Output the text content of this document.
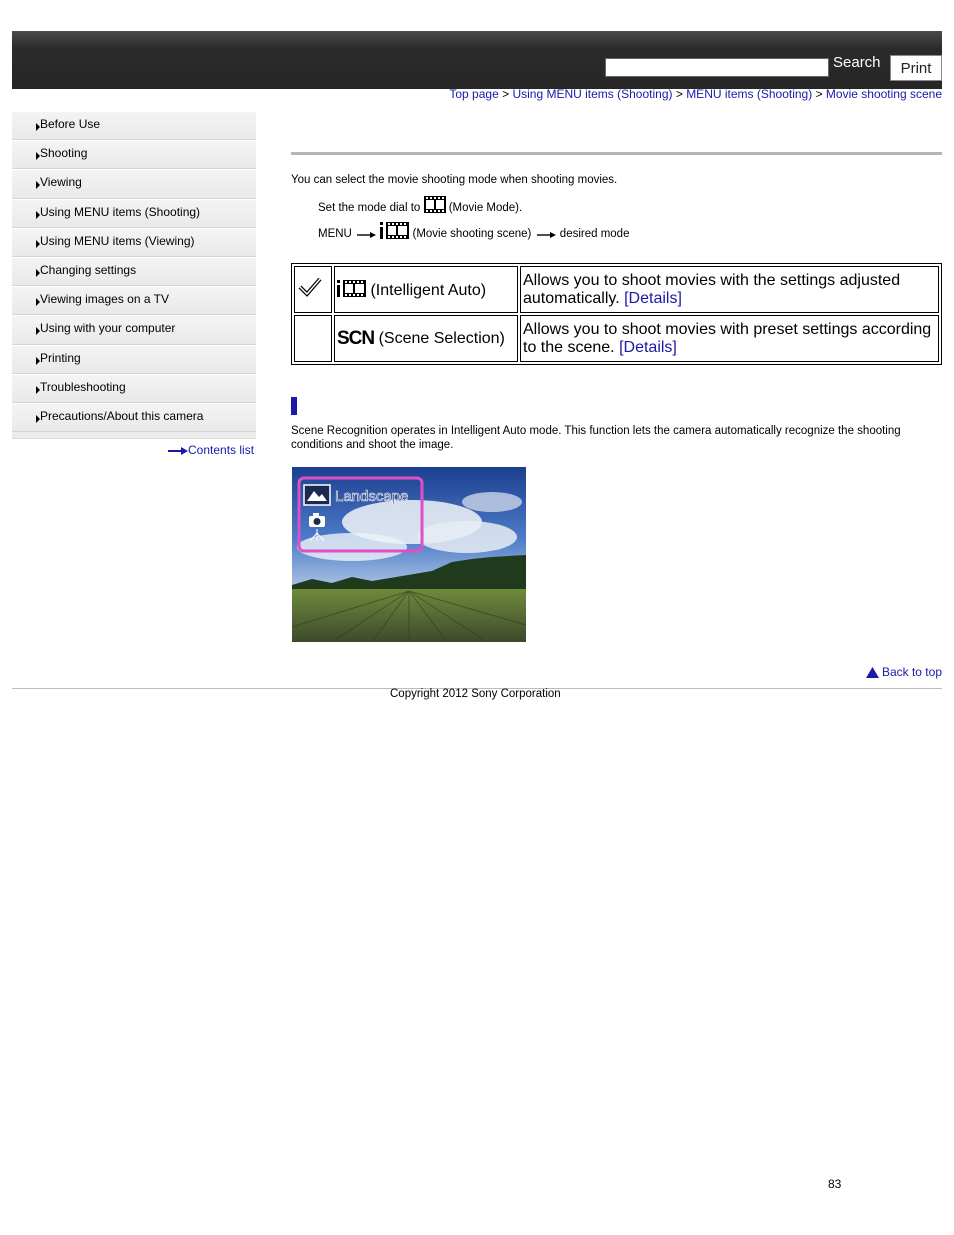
Search	Print
Top page > Using MENU items (Shooting) > MENU items (Shooting) > Movie shooting scene
Before Use
Shooting
Viewing
Using MENU items (Shooting)
Using MENU items (Viewing)
Changing settings
Viewing images on a TV
Using with your computer
Printing
Troubleshooting
Precautions/About this camera
Contents list
You can select the movie shooting mode when shooting movies.
Set the mode dial to (Movie Mode).
MENU	(Movie shooting scene) desired mode
	(Intelligent Auto)	Allows you to shoot movies with the settings adjusted automatically. [Details]
	SCN (Scene Selection)	Allows you to shoot movies with preset settings according to the scene. [Details]
Scene Recognition operates in Intelligent Auto mode. This function lets the camera automatically recognize the shooting conditions and shoot the image.
Landscape
Back to top
Copyright 2012 Sony Corporation
83
